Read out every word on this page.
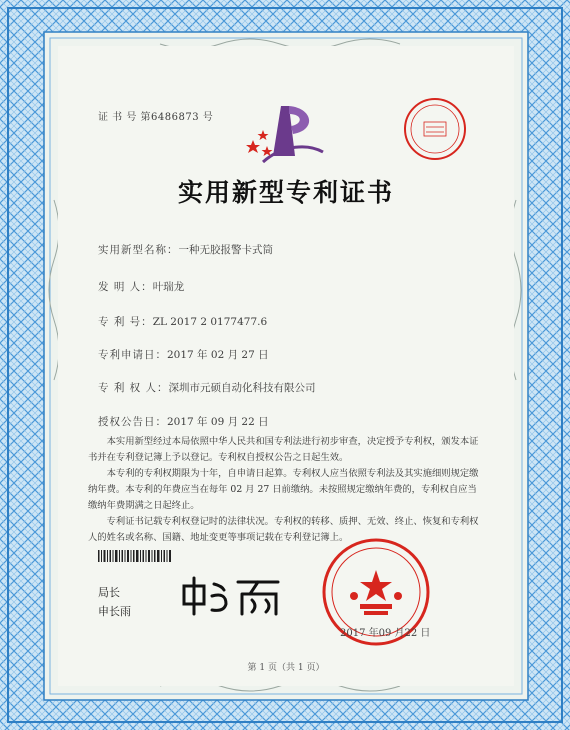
证 书 号 第6486873 号
实用新型专利证书
实用新型名称：一种无胶报警卡式筒
发 明 人：叶瑞龙
专 利 号：ZL 2017 2 0177477.6
专利申请日：2017 年 02 月 27 日
专 利 权 人：深圳市元硕自动化科技有限公司
授权公告日：2017 年 09 月 22 日

本实用新型经过本局依照中华人民共和国专利法进行初步审查，决定授予专利权，颁发本证书并在专利登记簿上予以登记。专利权自授权公告之日起生效。

本专利的专利权期限为十年，自申请日起算。专利权人应当依照专利法及其实施细则规定缴纳年费。本专利的年费应当在每年 02 月 27 日前缴纳。未按照规定缴纳年费的，专利权自应当缴纳年费期满之日起终止。

专利证书记载专利权登记时的法律状况。专利权的转移、质押、无效、终止、恢复和专利权人的姓名或名称、国籍、地址变更等事项记载在专利登记簿上。

局长
申长雨
2017 年09 月22 日
第 1 页（共 1 页）
